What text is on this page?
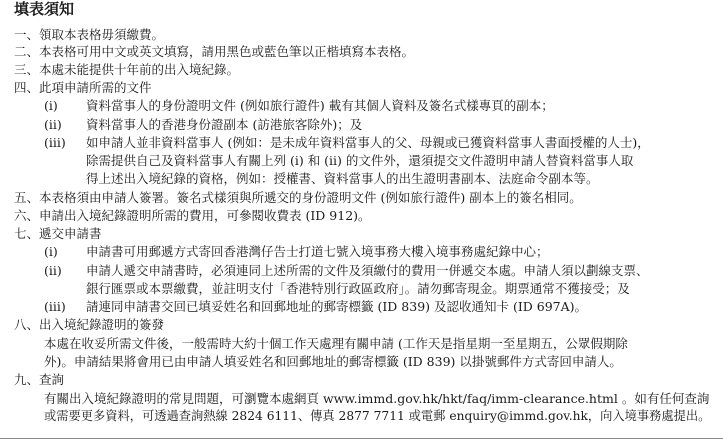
填表須知
一、領取本表格毋須繳費。
二、本表格可用中文或英文填寫，請用黑色或藍色筆以正楷填寫本表格。
三、本處未能提供十年前的出入境紀錄。
四、此項申請所需的文件
(i) 資料當事人的身份證明文件 (例如旅行證件) 載有其個人資料及簽名式樣專頁的副本；
(ii) 資料當事人的香港身份證副本 (訪港旅客除外)；及
(iii) 如申請人並非資料當事人 (例如：是未成年資料當事人的父、母親或已獲資料當事人書面授權的人士)，
除需提供自己及資料當事人有關上列 (i) 和 (ii) 的文件外，還須提交文件證明申請人替資料當事人取
得上述出入境紀錄的資格，例如：授權書、資料當事人的出生證明書副本、法庭命令副本等。
五、本表格須由申請人簽署。簽名式樣須與所遞交的身份證明文件 (例如旅行證件) 副本上的簽名相同。
六、申請出入境紀錄證明所需的費用，可參閱收費表 (ID 912)。
七、遞交申請書
(i) 申請書可用郵遞方式寄回香港灣仔告士打道七號入境事務大樓入境事務處紀錄中心；
(ii) 申請人遞交申請書時，必須連同上述所需的文件及須繳付的費用一併遞交本處。申請人須以劃線支票、
銀行匯票或本票繳費，並註明支付「香港特別行政區政府」。請勿郵寄現金。期票通常不獲接受；及
(iii) 請連同申請書交回已填妥姓名和回郵地址的郵寄標籤 (ID 839) 及認收通知卡 (ID 697A)。
八、出入境紀錄證明的簽發
本處在收妥所需文件後，一般需時大約十個工作天處理有關申請 (工作天是指星期一至星期五，公眾假期除
外)。申請結果將會用已由申請人填妥姓名和回郵地址的郵寄標籤 (ID 839) 以掛號郵件方式寄回申請人。
九、查詢
有關出入境紀錄證明的常見問題，可瀏覽本處網頁 www.immd.gov.hk/hkt/faq/imm-clearance.html 。如有任何查詢
或需要更多資料，可透過查詢熱線 2824 6111、傳真 2877 7711 或電郵 enquiry@immd.gov.hk，向入境事務處提出。
